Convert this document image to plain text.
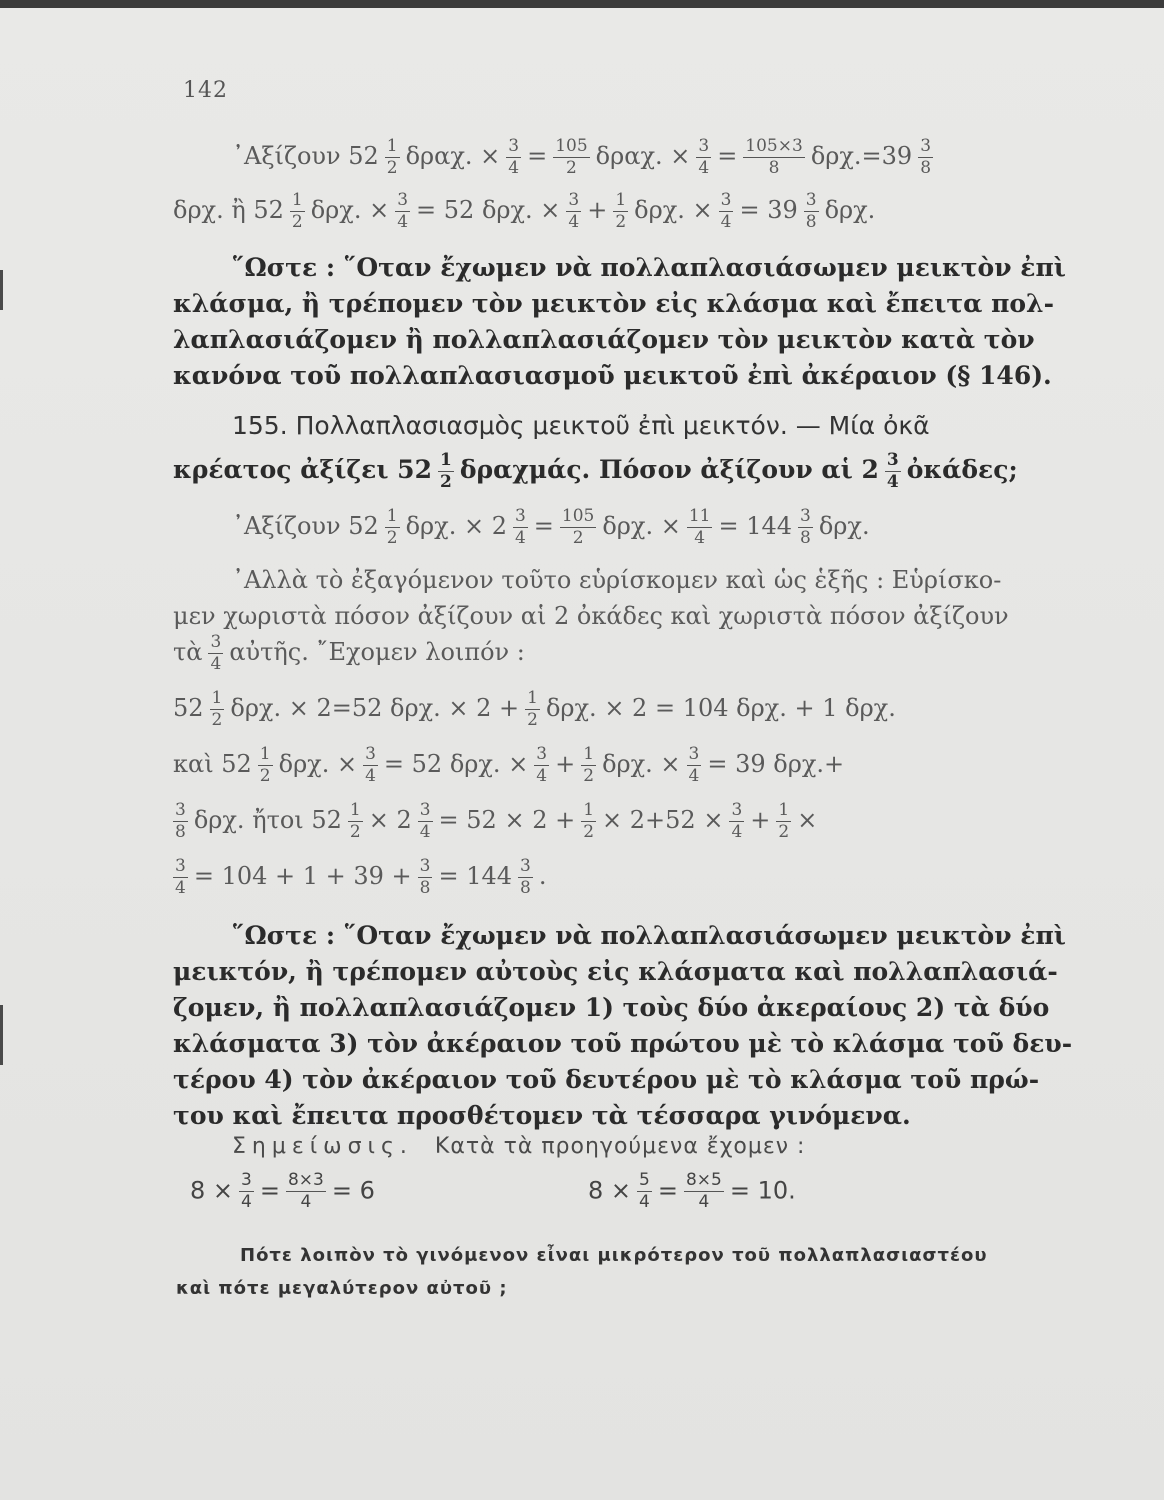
142
᾿Αξίζουν $52 \frac{1}{2} \delta\rho\alpha\chi$. × $\frac{3}{4} = \frac{105}{2} \delta\rho\alpha\chi$. × $\frac{3}{4} = \frac{105\times 3}{8} \delta\rho\chi.=39 \frac{3}{8}$
δρχ. ἢ $52 \frac{1}{2} \delta\rho\chi$. × $\frac{3}{4} = 52$ δρχ. × $\frac{3}{4} + \frac{1}{2} \delta\rho\chi$. × $\frac{3}{4} = 39 \frac{3}{8} \delta\rho\chi$.
῞Ωστε : ῞Οταν ἔχωμεν νὰ πολλαπλασιάσωμεν μεικτὸν ἐπὶ
κλάσμα, ἢ τρέπομεν τὸν μεικτὸν εἰς κλάσμα καὶ ἔπειτα πολ-
λαπλασιάζομεν ἢ πολλαπλασιάζομεν τὸν μεικτὸν κατὰ τὸν
κανόνα τοῦ πολλαπλασιασμοῦ μεικτοῦ ἐπὶ ἀκέραιον (§ 146).
155. Πολλαπλασιασμὸς μεικτοῦ ἐπὶ μεικτόν. — Μία ὀκᾶ
κρέατος ἀξίζει $52 \frac{1}{2} \delta\rho\alpha\chi\mu ά\varsigma$. Πόσον ἀξίζουν αἱ $2 \frac{3}{4}$ ὀκάδες;
᾿Αξίζουν $52 \frac{1}{2} \delta\rho\chi$. × $2 \frac{3}{4} = \frac{105}{2} \delta\rho\chi$. × $\frac{11}{4} = 144 \frac{3}{8} \delta\rho\chi$.
᾿Αλλὰ τὸ ἐξαγόμενον τοῦτο εὑρίσκομεν καὶ ὡς ἑξῆς : Εὑρίσκο-
μεν χωριστὰ πόσον ἀξίζουν αἱ 2 ὀκάδες καὶ χωριστὰ πόσον ἀξίζουν
τὰ $\frac{3}{4}$ αὐτῆς. ῎Εχομεν λοιπόν :
$52 \frac{1}{2} \delta\rho\chi$. × 2=52 δρχ. × $2 + \frac{1}{2} \delta\rho\chi$. × 2 = 104 δρχ. + 1 δρχ.
καὶ $52 \frac{1}{2} \delta\rho\chi$. × $\frac{3}{4} = 52$ δρχ. × $\frac{3}{4} + \frac{1}{2} \delta\rho\chi$. × $\frac{3}{4} = 39$ δρχ.+
$\frac{3}{8} \delta\rho\chi$. ἤτοι $52 \frac{1}{2} \times 2 \frac{3}{4} = 52 \times 2 + \frac{1}{2} \times 2+52 \times \frac{3}{4} + \frac{1}{2}$ ×
$\frac{3}{4} = 104 + 1 + 39 + \frac{3}{8} = 144 \frac{3}{8}$ .
῞Ωστε : ῞Οταν ἔχωμεν νὰ πολλαπλασιάσωμεν μεικτὸν ἐπὶ
μεικτόν, ἢ τρέπομεν αὐτοὺς εἰς κλάσματα καὶ πολλαπλασιά-
ζομεν, ἢ πολλαπλασιάζομεν 1) τοὺς δύο ἀκεραίους 2) τὰ δύο
κλάσματα 3) τὸν ἀκέραιον τοῦ πρώτου μὲ τὸ κλάσμα τοῦ δευ-
τέρου 4) τὸν ἀκέραιον τοῦ δευτέρου μὲ τὸ κλάσμα τοῦ πρώ-
του καὶ ἔπειτα προσθέτομεν τὰ τέσσαρα γινόμενα.
Σημείωσις. Κατὰ τὰ προηγούμενα ἔχομεν :
$8 \times \frac{3}{4} = \frac{8\times 3}{4} = 6$	$8 \times \frac{5}{4} = \frac{8\times 5}{4} = 10$.
Πότε λοιπὸν τὸ γινόμενον εἶναι μικρότερον τοῦ πολλαπλασιαστέου
καὶ πότε μεγαλύτερον αὐτοῦ ;
